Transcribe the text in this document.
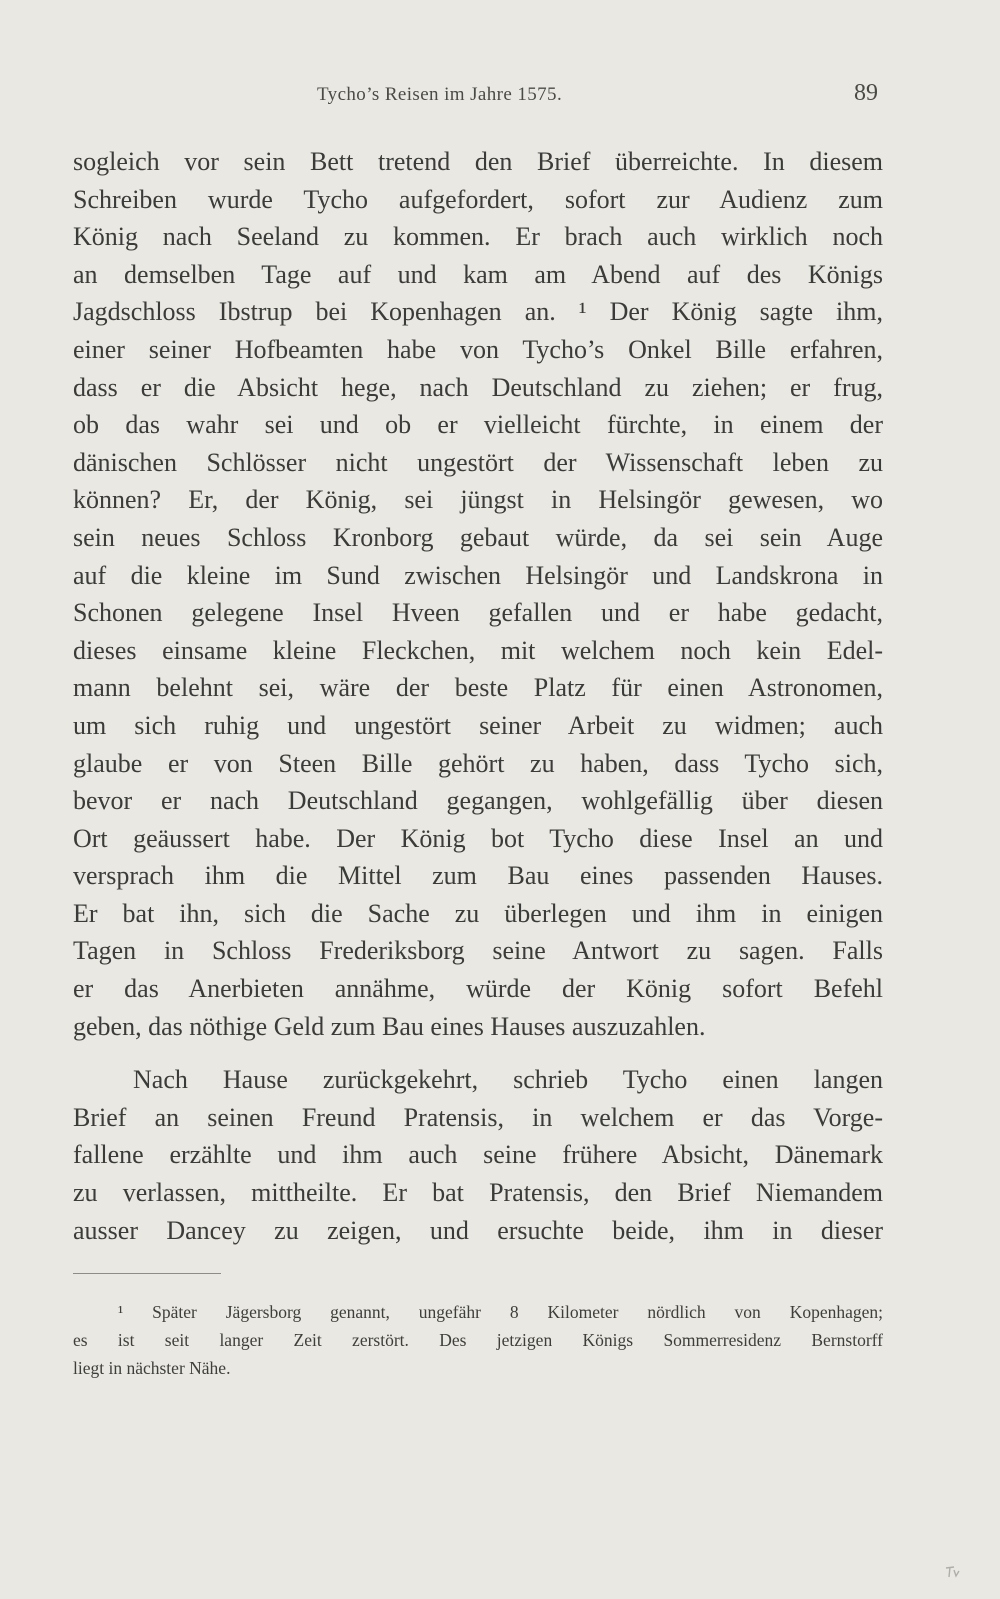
Tycho’s Reisen im Jahre 1575.	89
sogleich vor sein Bett tretend den Brief überreichte. In diesem
Schreiben wurde Tycho aufgefordert, sofort zur Audienz zum
König nach Seeland zu kommen. Er brach auch wirklich noch
an demselben Tage auf und kam am Abend auf des Königs
Jagdschloss Ibstrup bei Kopenhagen an. ¹ Der König sagte ihm,
einer seiner Hofbeamten habe von Tycho’s Onkel Bille erfahren,
dass er die Absicht hege, nach Deutschland zu ziehen; er frug,
ob das wahr sei und ob er vielleicht fürchte, in einem der
dänischen Schlösser nicht ungestört der Wissenschaft leben zu
können? Er, der König, sei jüngst in Helsingör gewesen, wo
sein neues Schloss Kronborg gebaut würde, da sei sein Auge
auf die kleine im Sund zwischen Helsingör und Landskrona in
Schonen gelegene Insel Hveen gefallen und er habe gedacht,
dieses einsame kleine Fleckchen, mit welchem noch kein Edel-
mann belehnt sei, wäre der beste Platz für einen Astronomen,
um sich ruhig und ungestört seiner Arbeit zu widmen; auch
glaube er von Steen Bille gehört zu haben, dass Tycho sich,
bevor er nach Deutschland gegangen, wohlgefällig über diesen
Ort geäussert habe. Der König bot Tycho diese Insel an und
versprach ihm die Mittel zum Bau eines passenden Hauses.
Er bat ihn, sich die Sache zu überlegen und ihm in einigen
Tagen in Schloss Frederiksborg seine Antwort zu sagen. Falls
er das Anerbieten annähme, würde der König sofort Befehl
geben, das nöthige Geld zum Bau eines Hauses auszuzahlen.
Nach Hause zurückgekehrt, schrieb Tycho einen langen
Brief an seinen Freund Pratensis, in welchem er das Vorge-
fallene erzählte und ihm auch seine frühere Absicht, Dänemark
zu verlassen, mittheilte. Er bat Pratensis, den Brief Niemandem
ausser Dancey zu zeigen, und ersuchte beide, ihm in dieser
¹ Später Jägersborg genannt, ungefähr 8 Kilometer nördlich von Kopenhagen;
es ist seit langer Zeit zerstört. Des jetzigen Königs Sommerresidenz Bernstorff
liegt in nächster Nähe.
